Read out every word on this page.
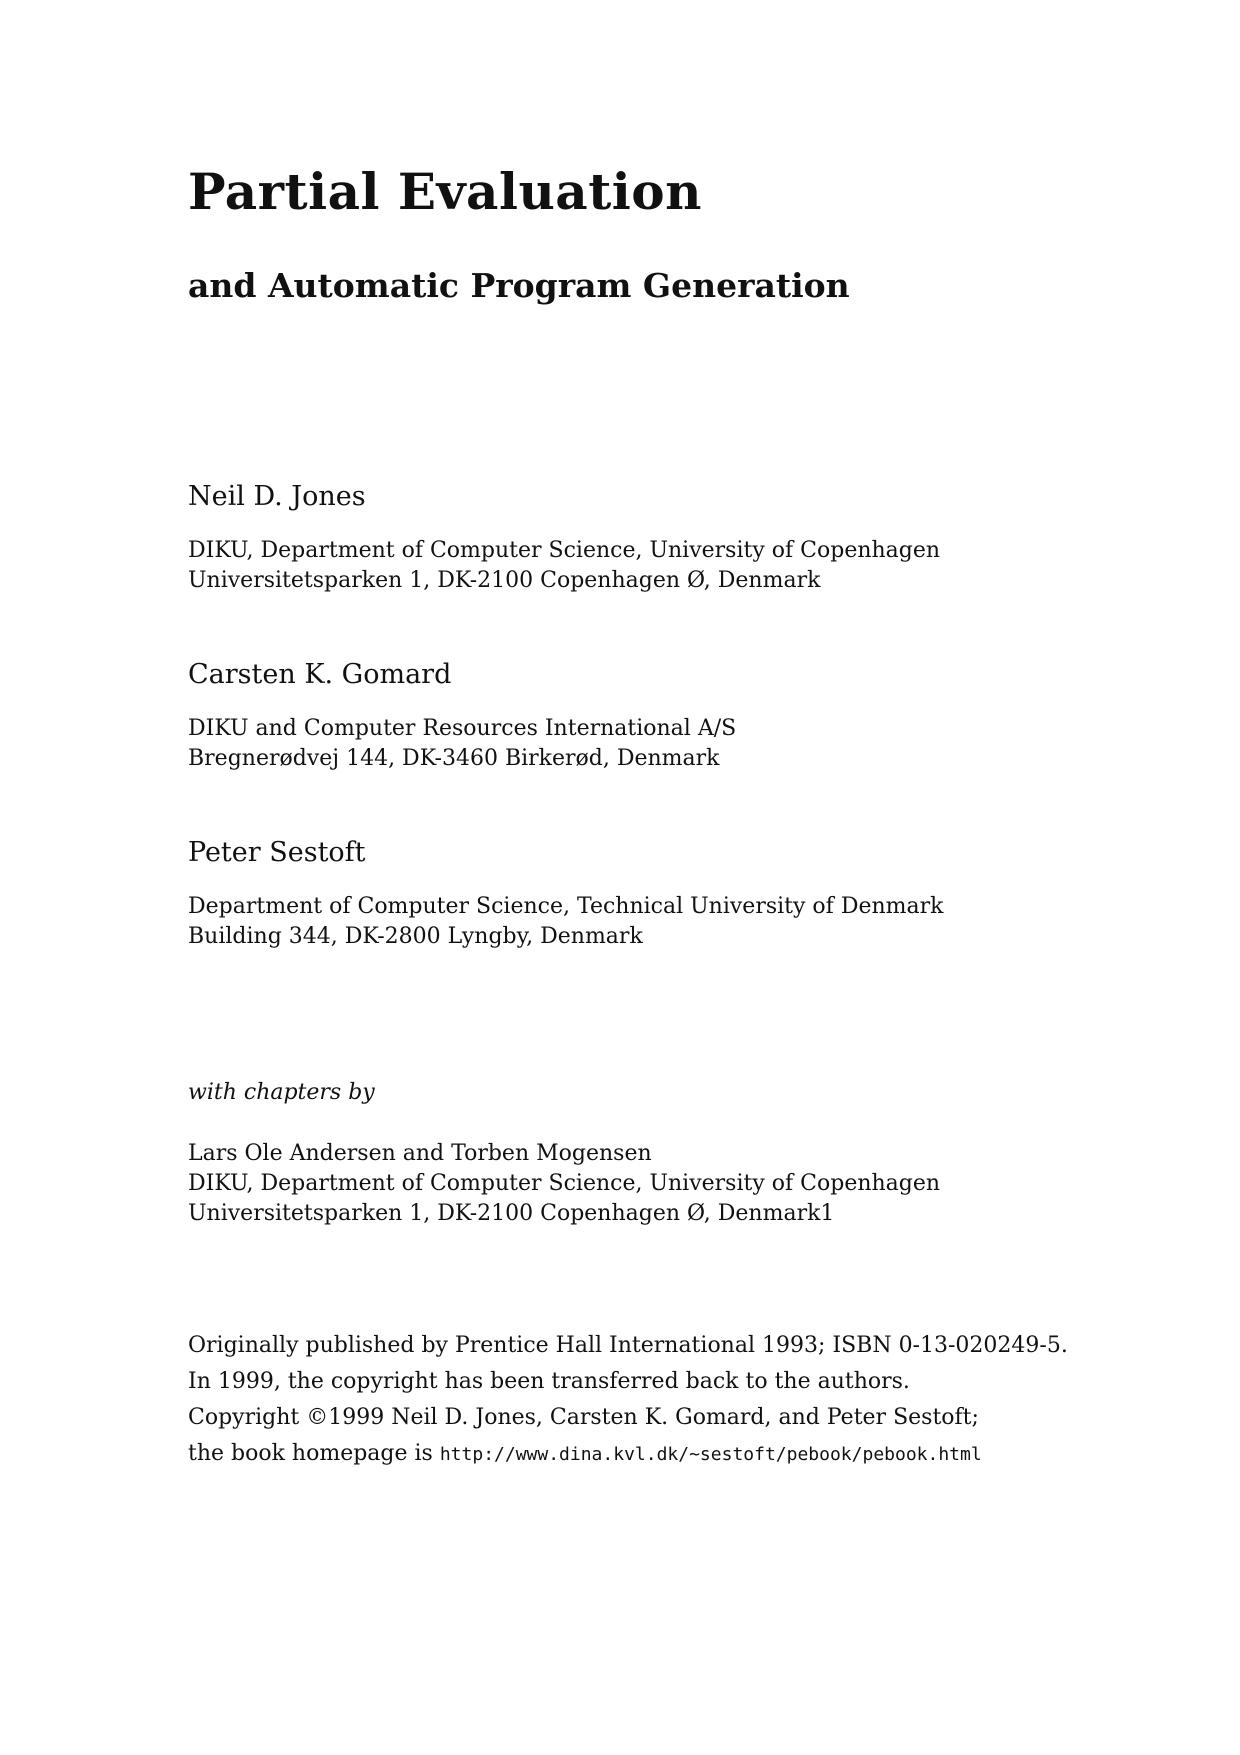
Partial Evaluation
and Automatic Program Generation
Neil D. Jones
DIKU, Department of Computer Science, University of Copenhagen
Universitetsparken 1, DK-2100 Copenhagen Ø, Denmark
Carsten K. Gomard
DIKU and Computer Resources International A/S
Bregnerødvej 144, DK-3460 Birkerød, Denmark
Peter Sestoft
Department of Computer Science, Technical University of Denmark
Building 344, DK-2800 Lyngby, Denmark
with chapters by
Lars Ole Andersen and Torben Mogensen
DIKU, Department of Computer Science, University of Copenhagen
Universitetsparken 1, DK-2100 Copenhagen Ø, Denmark1
Originally published by Prentice Hall International 1993; ISBN 0-13-020249-5.
In 1999, the copyright has been transferred back to the authors.
Copyright ©1999 Neil D. Jones, Carsten K. Gomard, and Peter Sestoft;
the book homepage is http://www.dina.kvl.dk/~sestoft/pebook/pebook.html
